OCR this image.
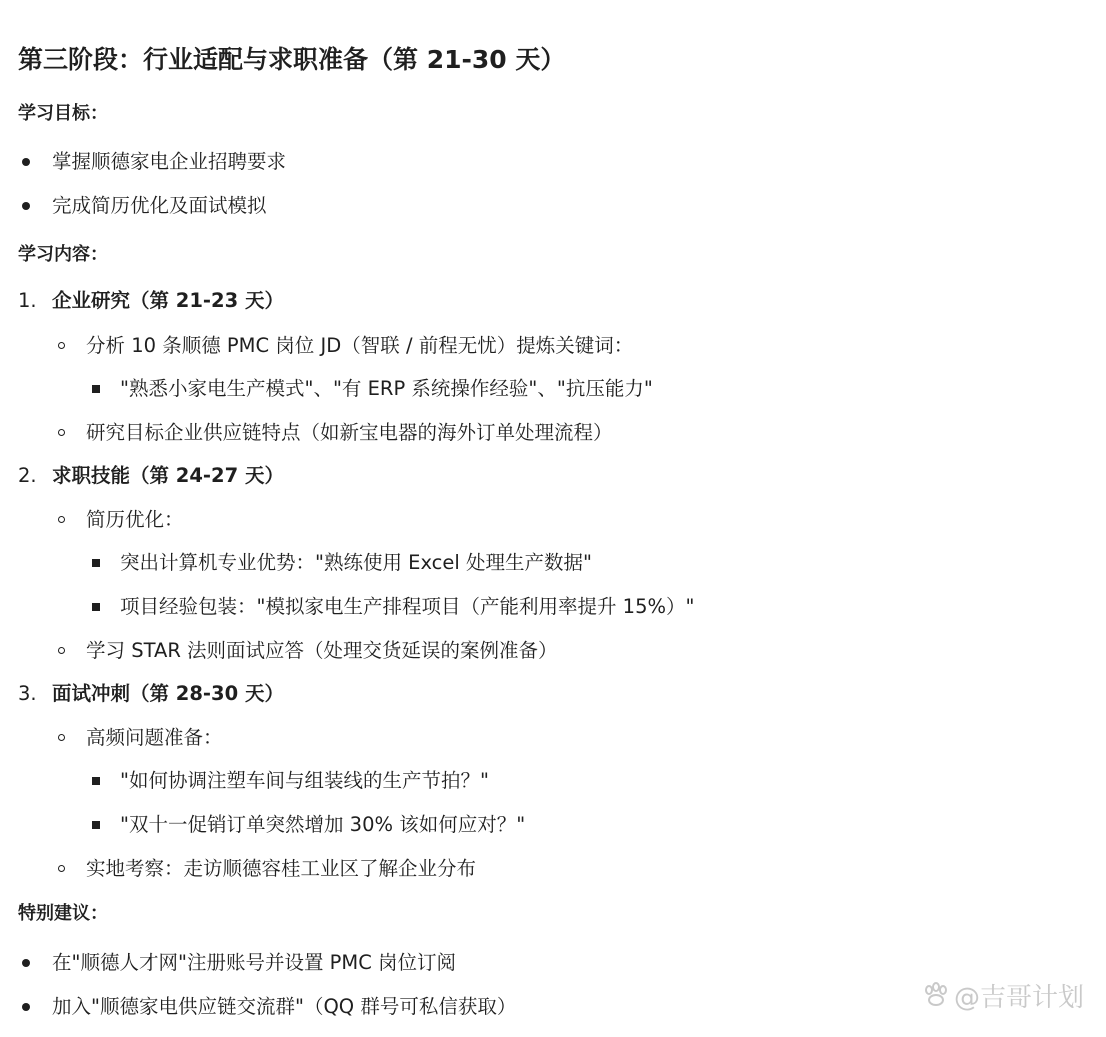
第三阶段：行业适配与求职准备（第 21-30 天）
学习目标：
掌握顺德家电企业招聘要求
完成简历优化及面试模拟
学习内容：
1. 企业研究（第 21-23 天）
分析 10 条顺德 PMC 岗位 JD（智联 / 前程无忧）提炼关键词：
"熟悉小家电生产模式"、"有 ERP 系统操作经验"、"抗压能力"
研究目标企业供应链特点（如新宝电器的海外订单处理流程）
2. 求职技能（第 24-27 天）
简历优化：
突出计算机专业优势："熟练使用 Excel 处理生产数据"
项目经验包装："模拟家电生产排程项目（产能利用率提升 15%）"
学习 STAR 法则面试应答（处理交货延误的案例准备）
3. 面试冲刺（第 28-30 天）
高频问题准备：
"如何协调注塑车间与组装线的生产节拍？"
"双十一促销订单突然增加 30% 该如何应对？"
实地考察：走访顺德容桂工业区了解企业分布
特别建议：
在"顺德人才网"注册账号并设置 PMC 岗位订阅
加入"顺德家电供应链交流群"（QQ 群号可私信获取）	@吉哥计划
